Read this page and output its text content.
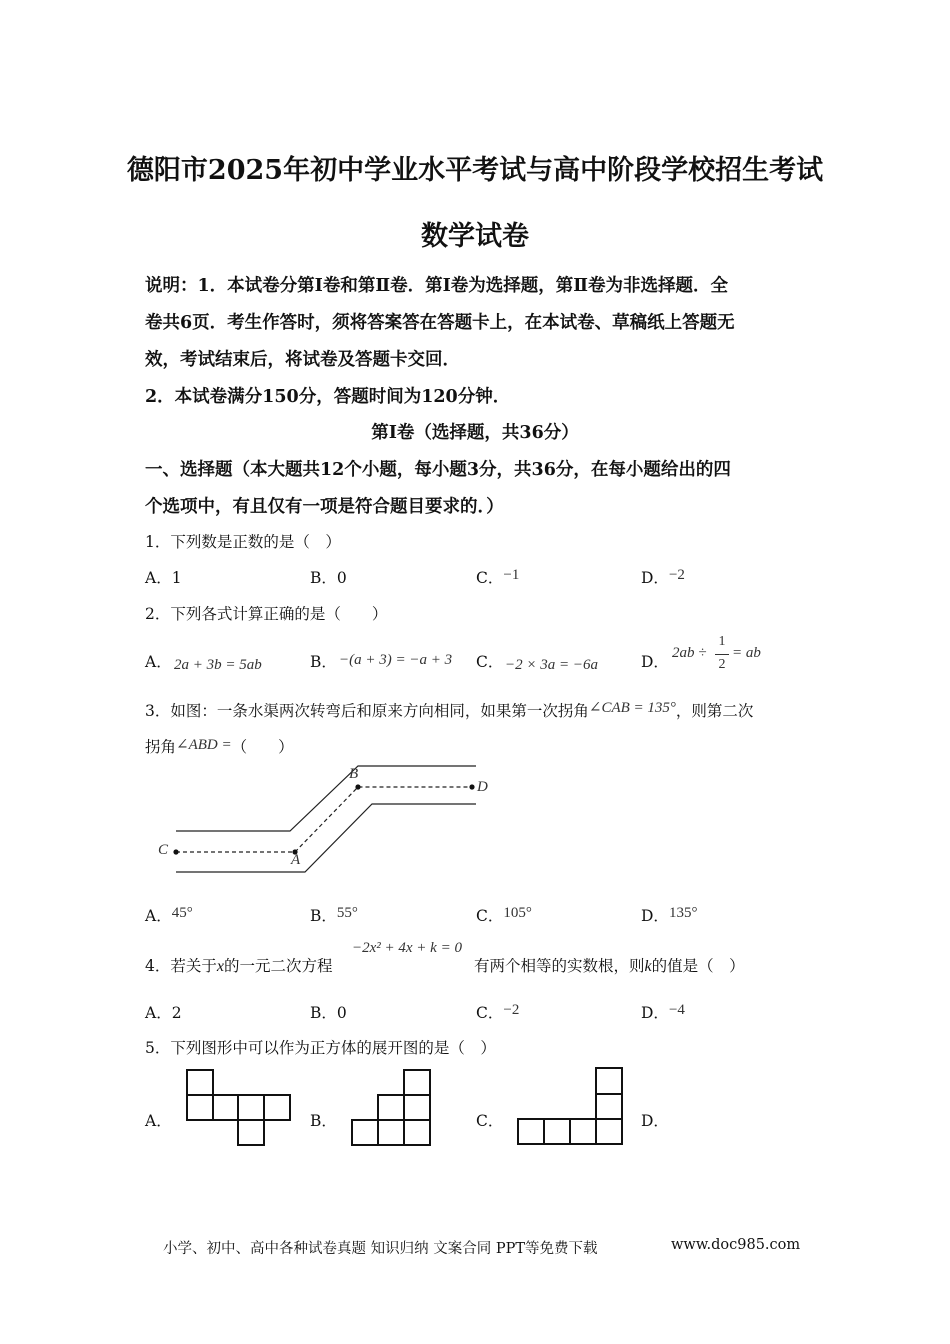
德阳市2025年初中学业水平考试与高中阶段学校招生考试
数学试卷
说明：1．本试卷分第Ⅰ卷和第Ⅱ卷．第Ⅰ卷为选择题，第Ⅱ卷为非选择题．全
卷共6页．考生作答时，须将答案答在答题卡上，在本试卷、草稿纸上答题无
效，考试结束后，将试卷及答题卡交回．
2．本试卷满分150分，答题时间为120分钟．
第Ⅰ卷（选择题，共36分）
一、选择题（本大题共12个小题，每小题3分，共36分，在每小题给出的四
个选项中，有且仅有一项是符合题目要求的．）
1．下列数是正数的是（　）
A．1	B．0	C．−1	D．−2
2．下列各式计算正确的是（　　）
A． 2a + 3b = 5ab	B． −(a + 3) = −a + 3 C． −2 × 3a = −6a	D． 2ab ÷
1
2
= ab
3．如图：一条水渠两次转弯后和原来方向相同，如果第一次拐角∠CAB = 135°，则第二次
拐角∠ABD =（　　）
B
D
C
A
A．45°	B．55°	C．105°	D．135°
4．若关于x的一元二次方程
−2x² + 4x + k = 0
有两个相等的实数根，则k的值是（　）
A．2	B．0	C．−2	D．−4
5．下列图形中可以作为正方体的展开图的是（　）
A．	B．	C．	D．
小学、初中、高中各种试卷真题 知识归纳 文案合同 PPT等免费下载	www.doc985.com
